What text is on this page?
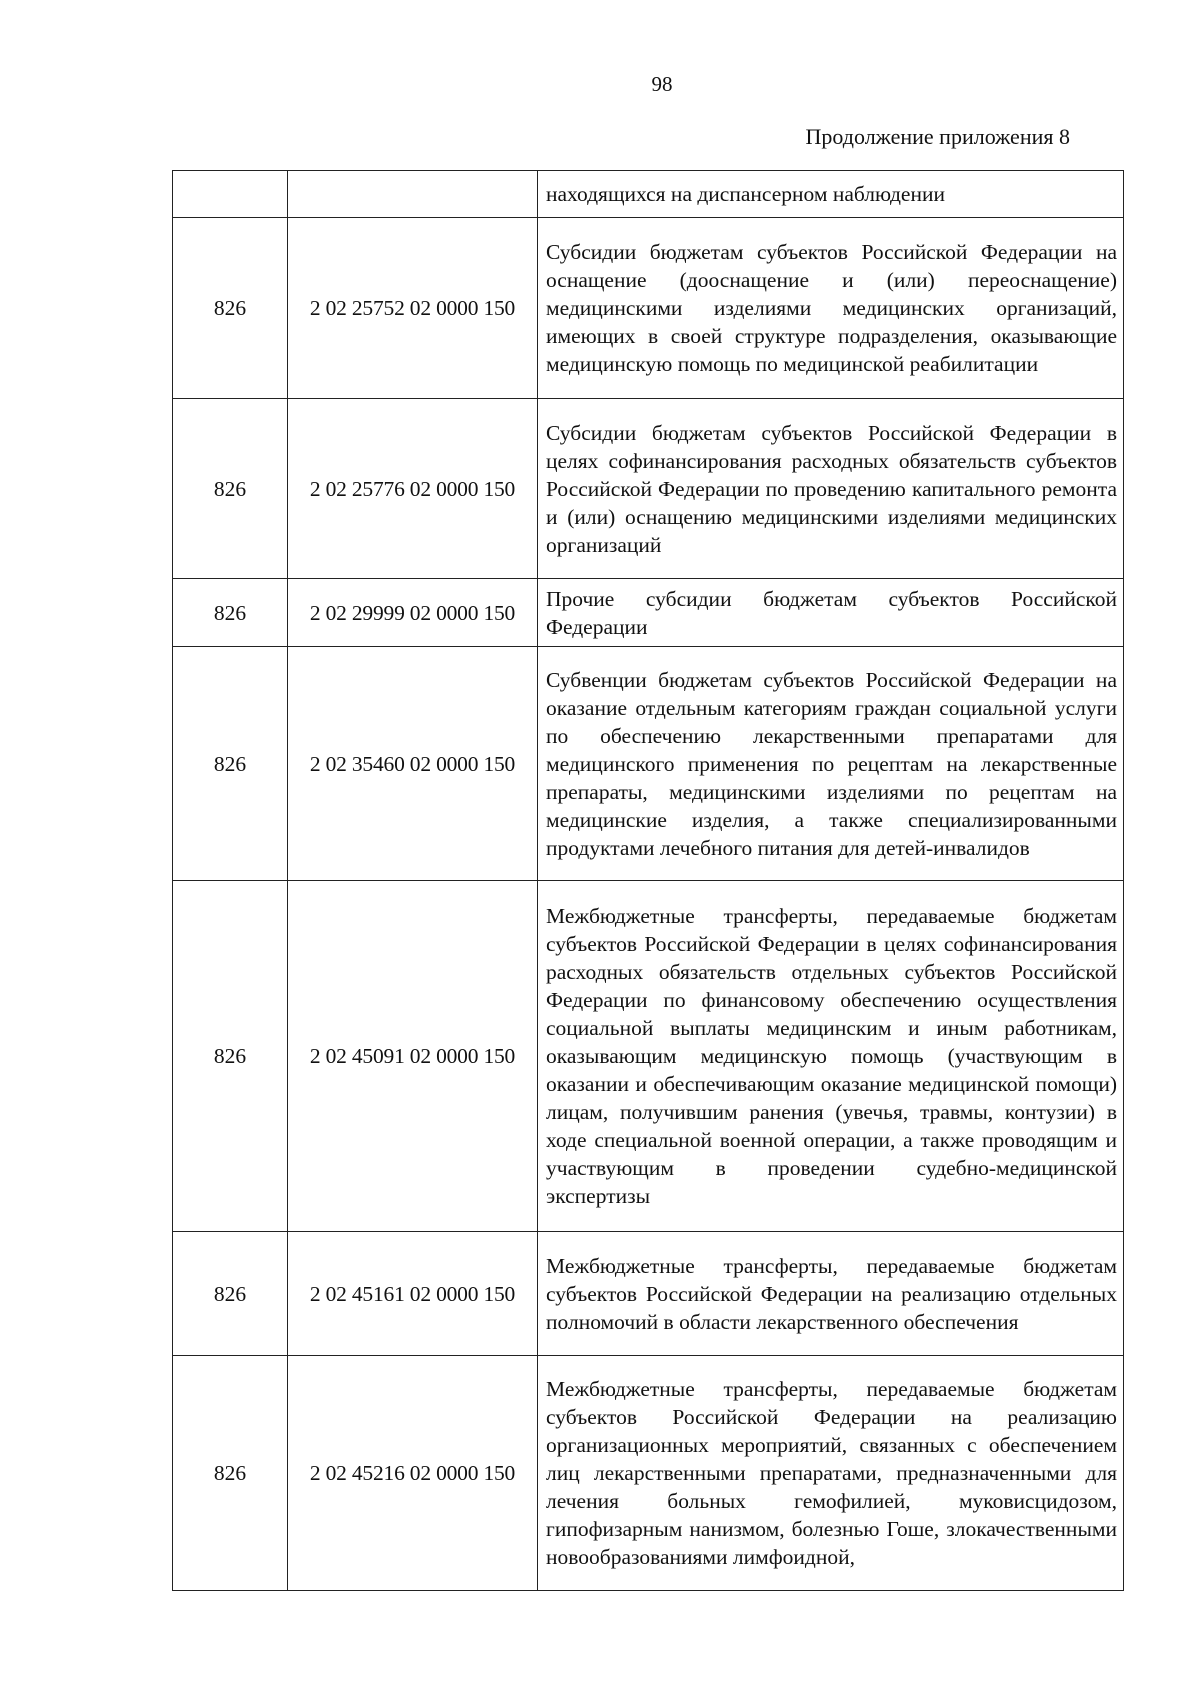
98
Продолжение приложения 8
		находящихся на диспансерном наблюдении
826	2 02 25752 02 0000 150	Субсидии бюджетам субъектов Российской Федерации на оснащение (дооснащение и (или) переоснащение) медицинскими изделиями медицинских организаций, имеющих в своей структуре подразделения, оказывающие медицинскую помощь по медицинской реабилитации
826	2 02 25776 02 0000 150	Субсидии бюджетам субъектов Российской Федерации в целях софинансирования расходных обязательств субъектов Российской Федерации по проведению капитального ремонта и (или) оснащению медицинскими изделиями медицинских организаций
826	2 02 29999 02 0000 150	Прочие субсидии бюджетам субъектов Российской Федерации
826	2 02 35460 02 0000 150	Субвенции бюджетам субъектов Российской Федерации на оказание отдельным категориям граждан социальной услуги по обеспечению лекарственными препаратами для медицинского применения по рецептам на лекарственные препараты, медицинскими изделиями по рецептам на медицинские изделия, а также специализированными продуктами лечебного питания для детей-инвалидов
826	2 02 45091 02 0000 150	Межбюджетные трансферты, передаваемые бюджетам субъектов Российской Федерации в целях софинансирования расходных обязательств отдельных субъектов Российской Федерации по финансовому обеспечению осуществления социальной выплаты медицинским и иным работникам, оказывающим медицинскую помощь (участвующим в оказании и обеспечивающим оказание медицинской помощи) лицам, получившим ранения (увечья, травмы, контузии) в ходе специальной военной операции, а также проводящим и участвующим в проведении судебно-медицинской экспертизы
826	2 02 45161 02 0000 150	Межбюджетные трансферты, передаваемые бюджетам субъектов Российской Федерации на реализацию отдельных полномочий в области лекарственного обеспечения
826	2 02 45216 02 0000 150	Межбюджетные трансферты, передаваемые бюджетам субъектов Российской Федерации на реализацию организационных мероприятий, связанных с обеспечением лиц лекарственными препаратами, предназначенными для лечения больных гемофилией, муковисцидозом, гипофизарным нанизмом, болезнью Гоше, злокачественными новообразованиями лимфоидной,
